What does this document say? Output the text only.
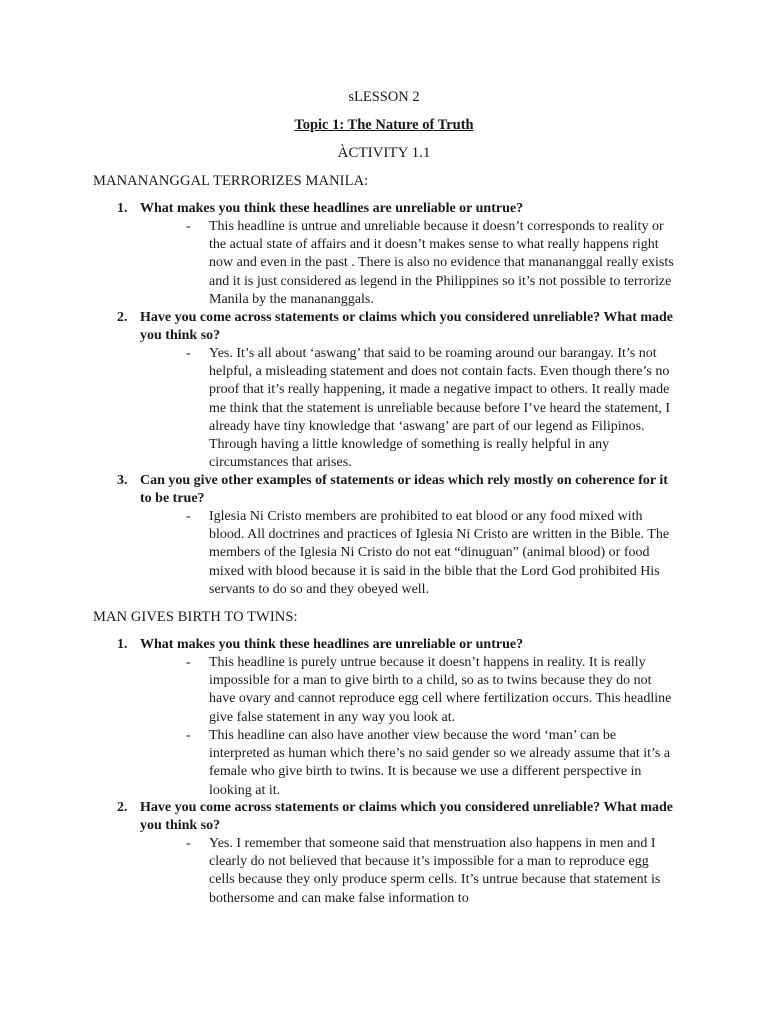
sLESSON 2
Topic 1: The Nature of Truth
ÀCTIVITY 1.1
MANANANGGAL TERRORIZES MANILA:
1. What makes you think these headlines are unreliable or untrue?
- This headline is untrue and unreliable because it doesn’t corresponds to reality or the actual state of affairs and it doesn’t makes sense to what really happens right now and even in the past . There is also no evidence that manananggal really exists and it is just considered as legend in the Philippines so it’s not possible to terrorize Manila by the manananggals.
2. Have you come across statements or claims which you considered unreliable? What made you think so?
- Yes. It’s all about ‘aswang’ that said to be roaming around our barangay. It’s not helpful, a misleading statement and does not contain facts. Even though there’s no proof that it’s really happening, it made a negative impact to others. It really made me think that the statement is unreliable because before I’ve heard the statement, I already have tiny knowledge that ‘aswang’ are part of our legend as Filipinos. Through having a little knowledge of something is really helpful in any circumstances that arises.
3. Can you give other examples of statements or ideas which rely mostly on coherence for it to be true?
- Iglesia Ni Cristo members are prohibited to eat blood or any food mixed with blood. All doctrines and practices of Iglesia Ni Cristo are written in the Bible. The members of the Iglesia Ni Cristo do not eat “dinuguan” (animal blood) or food mixed with blood because it is said in the bible that the Lord God prohibited His servants to do so and they obeyed well.
MAN GIVES BIRTH TO TWINS:
1. What makes you think these headlines are unreliable or untrue?
- This headline is purely untrue because it doesn’t happens in reality. It is really impossible for a man to give birth to a child, so as to twins because they do not have ovary and cannot reproduce egg cell where fertilization occurs. This headline give false statement in any way you look at.
- This headline can also have another view because the word ‘man’ can be interpreted as human which there’s no said gender so we already assume that it’s a female who give birth to twins. It is because we use a different perspective in looking at it.
2. Have you come across statements or claims which you considered unreliable? What made you think so?
- Yes. I remember that someone said that menstruation also happens in men and I clearly do not believed that because it’s impossible for a man to reproduce egg cells because they only produce sperm cells. It’s untrue because that statement is bothersome and can make false information to
